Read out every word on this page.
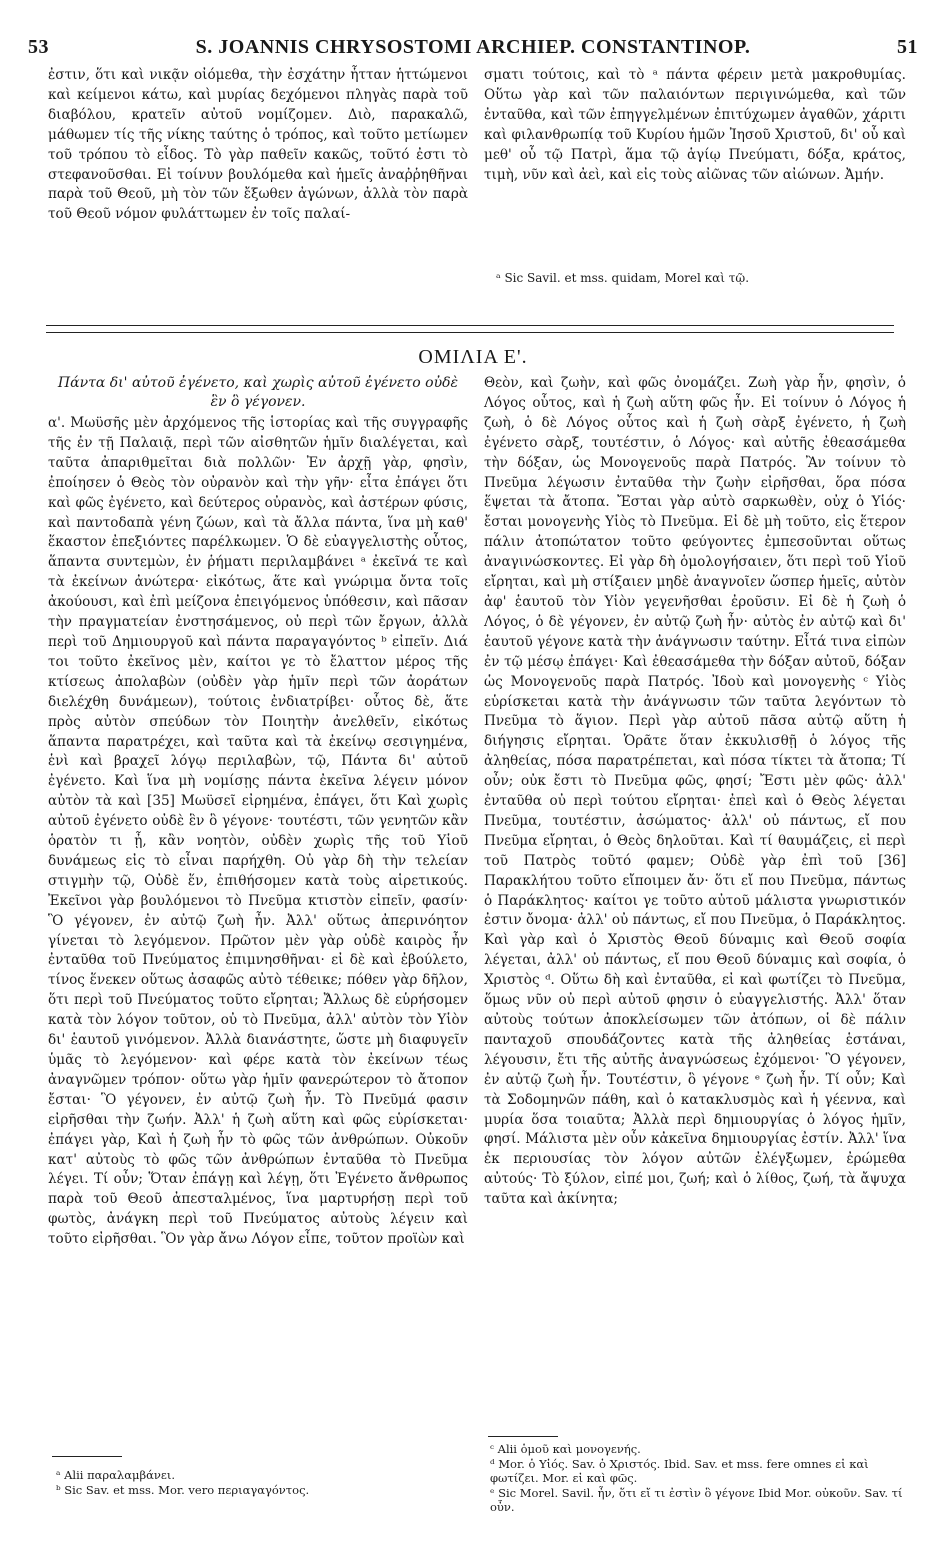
53	S. JOANNIS CHRYSOSTOMI ARCHIEP. CONSTANTINOP.	51

ἐστιν, ὅτι καὶ νικᾷν οἰόμεθα, τὴν ἐσχάτην ἧτταν ἡττώμενοι καὶ κείμενοι κάτω, καὶ μυρίας δεχόμενοι πληγὰς παρὰ τοῦ διαβόλου, κρατεῖν αὐτοῦ νομίζομεν. Διὸ, παρακαλῶ, μάθωμεν τίς τῆς νίκης ταύτης ὁ τρόπος, καὶ τοῦτο μετίωμεν τοῦ τρόπου τὸ εἶδος. Τὸ γὰρ παθεῖν κακῶς, τοῦτό ἐστι τὸ στεφανοῦσθαι. Εἰ τοίνυν βουλόμεθα καὶ ἡμεῖς ἀναῤῥηθῆναι παρὰ τοῦ Θεοῦ, μὴ τὸν τῶν ἔξωθεν ἀγώνων, ἀλλὰ τὸν παρὰ τοῦ Θεοῦ νόμον φυλάττωμεν ἐν τοῖς παλαί-

σματι τούτοις, καὶ τὸ ᵃ πάντα φέρειν μετὰ μακροθυμίας. Οὕτω γὰρ καὶ τῶν παλαιόντων περιγινώμεθα, καὶ τῶν ἐνταῦθα, καὶ τῶν ἐπηγγελμένων ἐπιτύχωμεν ἀγαθῶν, χάριτι καὶ φιλανθρωπίᾳ τοῦ Κυρίου ἡμῶν Ἰησοῦ Χριστοῦ, δι' οὗ καὶ μεθ' οὗ τῷ Πατρὶ, ἅμα τῷ ἁγίῳ Πνεύματι, δόξα, κράτος, τιμὴ, νῦν καὶ ἀεὶ, καὶ εἰς τοὺς αἰῶνας τῶν αἰώνων. Ἀμήν.

ᵃ Sic Savil. et mss. quidam, Morel καὶ τῷ.
ΟΜΙΛΙΑ Ε'.
Πάντα δι' αὐτοῦ ἐγένετο, καὶ χωρὶς αὐτοῦ ἐγένετο οὐδὲ ἓν ὃ γέγονεν.

α'. Μωϋσῆς μὲν ἀρχόμενος τῆς ἱστορίας καὶ τῆς συγγραφῆς τῆς ἐν τῇ Παλαιᾷ, περὶ τῶν αἰσθητῶν ἡμῖν διαλέγεται, καὶ ταῦτα ἀπαριθμεῖται διὰ πολλῶν· Ἐν ἀρχῇ γὰρ, φησὶν, ἐποίησεν ὁ Θεὸς τὸν οὐρανὸν καὶ τὴν γῆν· εἶτα ἐπάγει ὅτι καὶ φῶς ἐγένετο, καὶ δεύτερος οὐρανὸς, καὶ ἀστέρων φύσις, καὶ παντοδαπὰ γένη ζώων, καὶ τὰ ἄλλα πάντα, ἵνα μὴ καθ' ἕκαστον ἐπεξιόντες παρέλκωμεν. Ὁ δὲ εὐαγγελιστὴς οὗτος, ἅπαντα συντεμὼν, ἐν ῥήματι περιλαμβάνει ᵃ ἐκεῖνά τε καὶ τὰ ἐκείνων ἀνώτερα· εἰκότως, ἅτε καὶ γνώριμα ὄντα τοῖς ἀκούουσι, καὶ ἐπὶ μείζονα ἐπειγόμενος ὑπόθεσιν, καὶ πᾶσαν τὴν πραγματείαν ἐνστησάμενος, οὐ περὶ τῶν ἔργων, ἀλλὰ περὶ τοῦ Δημιουργοῦ καὶ πάντα παραγαγόντος ᵇ εἰπεῖν. Διά τοι τοῦτο ἐκεῖνος μὲν, καίτοι γε τὸ ἔλαττον μέρος τῆς κτίσεως ἀπολαβὼν (οὐδὲν γὰρ ἡμῖν περὶ τῶν ἀοράτων διελέχθη δυνάμεων), τούτοις ἐνδιατρίβει· οὗτος δὲ, ἅτε πρὸς αὐτὸν σπεύδων τὸν Ποιητὴν ἀνελθεῖν, εἰκότως ἅπαντα παρατρέχει, καὶ ταῦτα καὶ τὰ ἐκείνῳ σεσιγημένα, ἑνὶ καὶ βραχεῖ λόγῳ περιλαβὼν, τῷ, Πάντα δι' αὐτοῦ ἐγένετο. Καὶ ἵνα μὴ νομίσῃς πάντα ἐκεῖνα λέγειν μόνον αὐτὸν τὰ καὶ [35] Μωϋσεῖ εἰρημένα, ἐπάγει, ὅτι Καὶ χωρὶς αὐτοῦ ἐγένετο οὐδὲ ἓν ὃ γέγονε· τουτέστι, τῶν γενητῶν κἂν ὁρατὸν τι ᾖ, κἂν νοητὸν, οὐδὲν χωρὶς τῆς τοῦ Υἱοῦ δυνάμεως εἰς τὸ εἶναι παρήχθη. Οὐ γὰρ δὴ τὴν τελείαν στιγμὴν τῷ, Οὐδὲ ἕν, ἐπιθήσομεν κατὰ τοὺς αἱρετικούς. Ἐκεῖνοι γὰρ βουλόμενοι τὸ Πνεῦμα κτιστὸν εἰπεῖν, φασίν· Ὃ γέγονεν, ἐν αὐτῷ ζωὴ ἦν. Ἀλλ' οὕτως ἀπερινόητον γίνεται τὸ λεγόμενον. Πρῶτον μὲν γὰρ οὐδὲ καιρὸς ἦν ἐνταῦθα τοῦ Πνεύματος ἐπιμνησθῆναι· εἰ δὲ καὶ ἐβούλετο, τίνος ἕνεκεν οὕτως ἀσαφῶς αὐτὸ τέθεικε; πόθεν γὰρ δῆλον, ὅτι περὶ τοῦ Πνεύματος τοῦτο εἴρηται; Ἄλλως δὲ εὑρήσομεν κατὰ τὸν λόγον τοῦτον, οὐ τὸ Πνεῦμα, ἀλλ' αὐτὸν τὸν Υἱὸν δι' ἑαυτοῦ γινόμενον. Ἀλλὰ διανάστητε, ὥστε μὴ διαφυγεῖν ὑμᾶς τὸ λεγόμενον· καὶ φέρε κατὰ τὸν ἐκείνων τέως ἀναγνῶμεν τρόπον· οὕτω γὰρ ἡμῖν φανερώτερον τὸ ἄτοπον ἔσται· Ὃ γέγονεν, ἐν αὐτῷ ζωὴ ἦν. Τὸ Πνεῦμά φασιν εἰρῆσθαι τὴν ζωήν. Ἀλλ' ἡ ζωὴ αὕτη καὶ φῶς εὑρίσκεται· ἐπάγει γὰρ, Καὶ ἡ ζωὴ ἦν τὸ φῶς τῶν ἀνθρώπων. Οὐκοῦν κατ' αὐτοὺς τὸ φῶς τῶν ἀνθρώπων ἐνταῦθα τὸ Πνεῦμα λέγει. Τί οὖν; Ὅταν ἐπάγῃ καὶ λέγῃ, ὅτι Ἐγένετο ἄνθρωπος παρὰ τοῦ Θεοῦ ἀπεσταλμένος, ἵνα μαρτυρήσῃ περὶ τοῦ φωτὸς, ἀνάγκη περὶ τοῦ Πνεύματος αὐτοὺς λέγειν καὶ τοῦτο εἰρῆσθαι. Ὃν γὰρ ἄνω Λόγον εἶπε, τοῦτον προϊὼν καὶ

Θεὸν, καὶ ζωὴν, καὶ φῶς ὀνομάζει. Ζωὴ γὰρ ἦν, φησὶν, ὁ Λόγος οὗτος, καὶ ἡ ζωὴ αὕτη φῶς ἦν. Εἰ τοίνυν ὁ Λόγος ἡ ζωὴ, ὁ δὲ Λόγος οὗτος καὶ ἡ ζωὴ σὰρξ ἐγένετο, ἡ ζωὴ ἐγένετο σὰρξ, τουτέστιν, ὁ Λόγος· καὶ αὐτῆς ἐθεασάμεθα τὴν δόξαν, ὡς Μονογενοῦς παρὰ Πατρός. Ἂν τοίνυν τὸ Πνεῦμα λέγωσιν ἐνταῦθα τὴν ζωὴν εἰρῆσθαι, ὅρα πόσα ἕψεται τὰ ἄτοπα. Ἔσται γὰρ αὐτὸ σαρκωθὲν, οὐχ ὁ Υἱός· ἔσται μονογενὴς Υἱὸς τὸ Πνεῦμα. Εἰ δὲ μὴ τοῦτο, εἰς ἕτερον πάλιν ἀτοπώτατον τοῦτο φεύγοντες ἐμπεσοῦνται οὕτως ἀναγινώσκοντες. Εἰ γὰρ δὴ ὁμολογήσαιεν, ὅτι περὶ τοῦ Υἱοῦ εἴρηται, καὶ μὴ στίξαιεν μηδὲ ἀναγνοῖεν ὥσπερ ἡμεῖς, αὐτὸν ἀφ' ἑαυτοῦ τὸν Υἱὸν γεγενῆσθαι ἐροῦσιν. Εἰ δὲ ἡ ζωὴ ὁ Λόγος, ὁ δὲ γέγονεν, ἐν αὐτῷ ζωὴ ἦν· αὐτὸς ἐν αὐτῷ καὶ δι' ἑαυτοῦ γέγονε κατὰ τὴν ἀνάγνωσιν ταύτην. Εἶτά τινα εἰπὼν ἐν τῷ μέσῳ ἐπάγει· Καὶ ἐθεασάμεθα τὴν δόξαν αὐτοῦ, δόξαν ὡς Μονογενοῦς παρὰ Πατρός. Ἰδοὺ καὶ μονογενὴς ᶜ Υἱὸς εὑρίσκεται κατὰ τὴν ἀνάγνωσιν τῶν ταῦτα λεγόντων τὸ Πνεῦμα τὸ ἅγιον. Περὶ γὰρ αὐτοῦ πᾶσα αὐτῷ αὕτη ἡ διήγησις εἴρηται. Ὁρᾶτε ὅταν ἐκκυλισθῇ ὁ λόγος τῆς ἀληθείας, πόσα παρατρέπεται, καὶ πόσα τίκτει τὰ ἄτοπα; Τί οὖν; οὐκ ἔστι τὸ Πνεῦμα φῶς, φησί; Ἔστι μὲν φῶς· ἀλλ' ἐνταῦθα οὐ περὶ τούτου εἴρηται· ἐπεὶ καὶ ὁ Θεὸς λέγεται Πνεῦμα, τουτέστιν, ἀσώματος· ἀλλ' οὐ πάντως, εἴ που Πνεῦμα εἴρηται, ὁ Θεὸς δηλοῦται. Καὶ τί θαυμάζεις, εἰ περὶ τοῦ Πατρὸς τοῦτό φαμεν; Οὐδὲ γὰρ ἐπὶ τοῦ [36] Παρακλήτου τοῦτο εἴποιμεν ἄν· ὅτι εἴ που Πνεῦμα, πάντως ὁ Παράκλητος· καίτοι γε τοῦτο αὐτοῦ μάλιστα γνωριστικόν ἐστιν ὄνομα· ἀλλ' οὐ πάντως, εἴ που Πνεῦμα, ὁ Παράκλητος. Καὶ γὰρ καὶ ὁ Χριστὸς Θεοῦ δύναμις καὶ Θεοῦ σοφία λέγεται, ἀλλ' οὐ πάντως, εἴ που Θεοῦ δύναμις καὶ σοφία, ὁ Χριστὸς ᵈ. Οὕτω δὴ καὶ ἐνταῦθα, εἰ καὶ φωτίζει τὸ Πνεῦμα, ὅμως νῦν οὐ περὶ αὐτοῦ φησιν ὁ εὐαγγελιστής. Ἀλλ' ὅταν αὐτοὺς τούτων ἀποκλείσωμεν τῶν ἀτόπων, οἱ δὲ πάλιν πανταχοῦ σπουδάζοντες κατὰ τῆς ἀληθείας ἑστάναι, λέγουσιν, ἔτι τῆς αὐτῆς ἀναγνώσεως ἐχόμενοι· Ὃ γέγονεν, ἐν αὐτῷ ζωὴ ἦν. Τουτέστιν, ὃ γέγονε ᵉ ζωὴ ἦν. Τί οὖν; Καὶ τὰ Σοδομηνῶν πάθη, καὶ ὁ κατακλυσμὸς καὶ ἡ γέεννα, καὶ μυρία ὅσα τοιαῦτα; Ἀλλὰ περὶ δημιουργίας ὁ λόγος ἡμῖν, φησί. Μάλιστα μὲν οὖν κἀκεῖνα δημιουργίας ἐστίν. Ἀλλ' ἵνα ἐκ περιουσίας τὸν λόγον αὐτῶν ἐλέγξωμεν, ἐρώμεθα αὐτούς· Τὸ ξύλον, εἰπέ μοι, ζωή; καὶ ὁ λίθος, ζωή, τὰ ἄψυχα ταῦτα καὶ ἀκίνητα;

ᵃ Alii παραλαμβάνει.

ᵇ Sic Sav. et mss. Mor. vero περιαγαγόντος.

ᶜ Alii ὁμοῦ καὶ μονογενής.

ᵈ Mor. ὁ Υἱός. Sav. ὁ Χριστός. Ibid. Sav. et mss. fere omnes εἰ καὶ φωτίζει. Mor. εἰ καὶ φῶς.

ᵉ Sic Morel. Savil. ἦν, ὅτι εἴ τι ἐστὶν ὃ γέγονε Ibid Mor. οὐκοῦν. Sav. τί οὖν.
